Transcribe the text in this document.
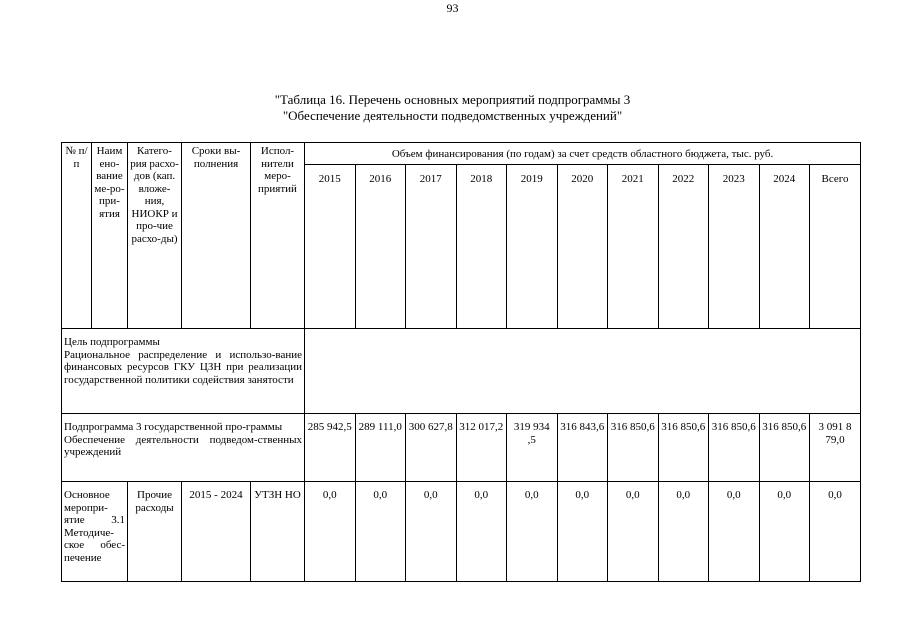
93
"Таблица 16. Перечень основных мероприятий подпрограммы 3
"Обеспечение деятельности подведомственных учреждений"
№ п/п	Наим ено-вание ме-ро-при-ятия	Катего-рия расхо-дов (кап. вложе-ния, НИОКР и про-чие расхо-ды)	Сроки вы-полнения	Испол-нители меро-приятий	Объем финансирования (по годам) за счет средств областного бюджета, тыс. руб.										
					2015	2016	2017	2018	2019	2020	2021	2022	2023	2024	Всего

Цель подпрограммы
Рациональное распределение и использо-вание финансовых ресурсов ГКУ ЦЗН при реализации государственной политики содействия занятости															

Подпрограмма 3 государственной про-граммы
Обеспечение деятельности подведом-ственных учреждений					285 942,5	289 111,0	300 627,8	312 017,2	319 934 ,5	316 843,6	316 850,6	316 850,6	316 850,6	316 850,6	3 091 8 79,0
Основное меропри-ятие 3.1 Методиче-ское обес-печение		Прочие расходы	2015 - 2024	УТЗН НО	0,0	0,0	0,0	0,0	0,0	0,0	0,0	0,0	0,0	0,0	0,0
